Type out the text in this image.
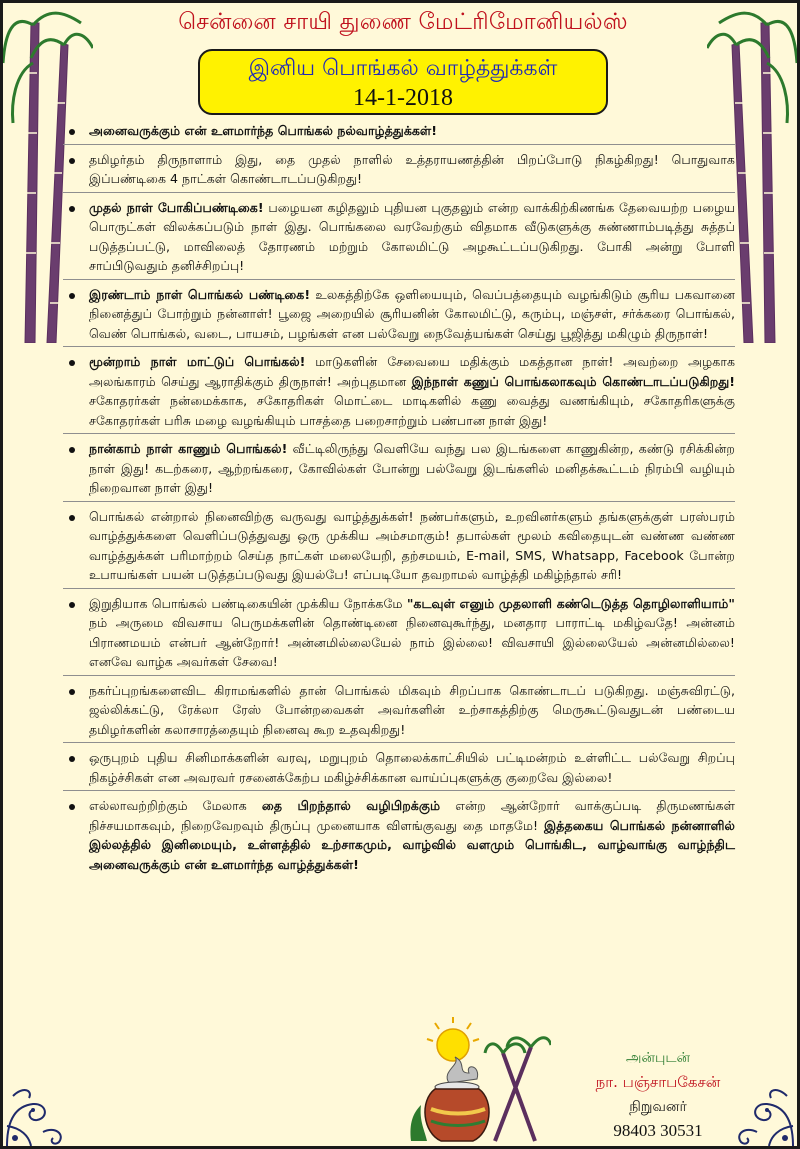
சென்னை சாயி துணை மேட்ரிமோனியல்ஸ்
இனிய பொங்கல் வாழ்த்துக்கள்
14-1-2018
அனைவருக்கும் என் உளமார்ந்த பொங்கல் நல்வாழ்த்துக்கள்!
தமிழர்தம் திருநாளாம் இது, தை முதல் நாளில் உத்தராயணத்தின் பிறப்போடு நிகழ்கிறது! பொதுவாக இப்பண்டிகை 4 நாட்கள் கொண்டாடப்படுகிறது!
முதல் நாள் போகிப்பண்டிகை! பழையன கழிதலும் புதியன புகுதலும் என்ற வாக்கிற்கிணங்க தேவையற்ற பழைய பொருட்கள் விலக்கப்படும் நாள் இது. பொங்கலை வரவேற்கும் விதமாக வீடுகளுக்கு சுண்ணாம்படித்து சுத்தப் படுத்தப்பட்டு, மாவிலைத் தோரணம் மற்றும் கோலமிட்டு அழகூட்டப்படுகிறது. போகி அன்று போளி சாப்பிடுவதும் தனிச்சிறப்பு!
இரண்டாம் நாள் பொங்கல் பண்டிகை! உலகத்திற்கே ஒளியையும், வெப்பத்தையும் வழங்கிடும் சூரிய பகவானை நினைத்துப் போற்றும் நன்னாள்! பூஜை அறையில் சூரியனின் கோலமிட்டு, கரும்பு, மஞ்சள், சர்க்கரை பொங்கல், வெண் பொங்கல், வடை, பாயசம், பழங்கள் என பல்வேறு நைவேத்யங்கள் செய்து பூஜித்து மகிழும் திருநாள்!
மூன்றாம் நாள் மாட்டுப் பொங்கல்! மாடுகளின் சேவையை மதிக்கும் மகத்தான நாள்! அவற்றை அழகாக அலங்காரம் செய்து ஆராதிக்கும் திருநாள்! அற்புதமான இந்நாள் கணுப் பொங்கலாகவும் கொண்டாடப்படுகிறது! சகோதரர்கள் நன்மைக்காக, சகோதரிகள் மொட்டை மாடிகளில் கணு வைத்து வணங்கியும், சகோதரிகளுக்கு சகோதரர்கள் பரிசு மழை வழங்கியும் பாசத்தை பறைசாற்றும் பண்பான நாள் இது!
நான்காம் நாள் காணும் பொங்கல்! வீட்டிலிருந்து வெளியே வந்து பல இடங்களை காணுகின்ற, கண்டு ரசிக்கின்ற நாள் இது! கடற்கரை, ஆற்றங்கரை, கோவில்கள் போன்று பல்வேறு இடங்களில் மனிதக்கூட்டம் நிரம்பி வழியும் நிறைவான நாள் இது!
பொங்கல் என்றால் நினைவிற்கு வருவது வாழ்த்துக்கள்! நண்பர்களும், உறவினர்களும் தங்களுக்குள் பரஸ்பரம் வாழ்த்துக்களை வெளிப்படுத்துவது ஒரு முக்கிய அம்சமாகும்! தபால்கள் மூலம் கவிதையுடன் வண்ண வண்ண வாழ்த்துக்கள் பரிமாற்றம் செய்த நாட்கள் மலையேறி, தற்சமயம், E-mail, SMS, Whatsapp, Facebook போன்ற உபாயங்கள் பயன் படுத்தப்படுவது இயல்பே! எப்படியோ தவறாமல் வாழ்த்தி மகிழ்ந்தால் சரி!
இறுதியாக பொங்கல் பண்டிகையின் முக்கிய நோக்கமே "கடவுள் எனும் முதலாளி கண்டெடுத்த தொழிலாளியாம்" நம் அருமை விவசாய பெருமக்களின் தொண்டினை நினைவுகூர்ந்து, மனதார பாராட்டி மகிழ்வதே! அன்னம் பிராணமயம் என்பர் ஆன்றோர்! அன்னமில்லையேல் நாம் இல்லை! விவசாயி இல்லையேல் அன்னமில்லை! எனவே வாழ்க அவர்கள் சேவை!
நகர்ப்புறங்களைவிட கிராமங்களில் தான் பொங்கல் மிகவும் சிறப்பாக கொண்டாடப் படுகிறது. மஞ்சுவிரட்டு, ஜல்லிக்கட்டு, ரேக்லா ரேஸ் போன்றவைகள் அவர்களின் உற்சாகத்திற்கு மெருகூட்டுவதுடன் பண்டைய தமிழர்களின் கலாசாரத்தையும் நினைவு கூற உதவுகிறது!
ஒருபுறம் புதிய சினிமாக்களின் வரவு, மறுபுறம் தொலைக்காட்சியில் பட்டிமன்றம் உள்ளிட்ட பல்வேறு சிறப்பு நிகழ்ச்சிகள் என அவரவர் ரசனைக்கேற்ப மகிழ்ச்சிக்கான வாய்ப்புகளுக்கு குறைவே இல்லை!
எல்லாவற்றிற்கும் மேலாக தை பிறந்தால் வழிபிறக்கும் என்ற ஆன்றோர் வாக்குப்படி திருமணங்கள் நிச்சயமாகவும், நிறைவேறவும் திருப்பு முனையாக விளங்குவது தை மாதமே! இத்தகைய பொங்கல் நன்னாளில் இல்லத்தில் இனிமையும், உள்ளத்தில் உற்சாகமும், வாழ்வில் வளமும் பொங்கிட, வாழ்வாங்கு வாழ்ந்திட அனைவருக்கும் என் உளமார்ந்த வாழ்த்துக்கள்!
அன்புடன்
நா. பஞ்சாபகேசன்
நிறுவனர்
98403 30531
